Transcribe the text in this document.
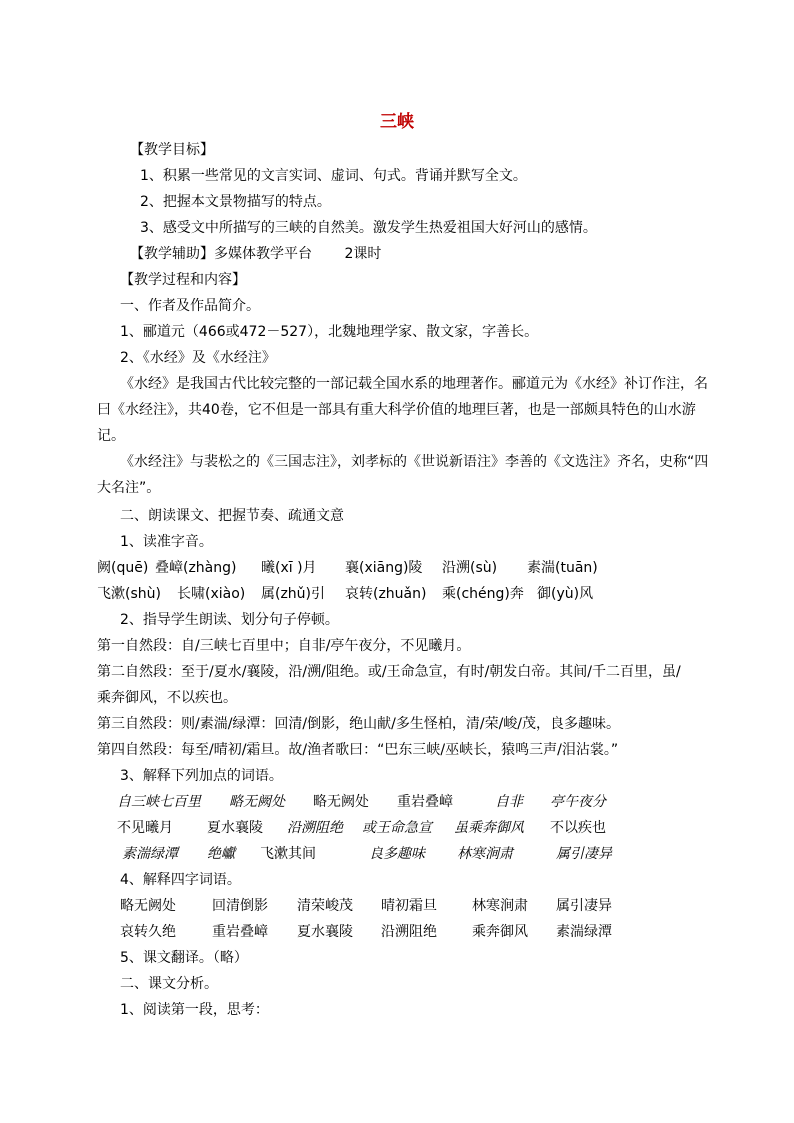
三峡
【教学目标】
1、积累一些常见的文言实词、虚词、句式。背诵并默写全文。
2、把握本文景物描写的特点。
3、感受文中所描写的三峡的自然美。激发学生热爱祖国大好河山的感情。
【教学辅助】多媒体教学平台　　 2课时
【教学过程和内容】
一、作者及作品简介。
1、郦道元（466或472－527），北魏地理学家、散文家，字善长。
2、《水经》及《水经注》
《水经》是我国古代比较完整的一部记载全国水系的地理著作。郦道元为《水经》补订作注，名
曰《水经注》，共40卷，它不但是一部具有重大科学价值的地理巨著，也是一部颇具特色的山水游
记。
《水经注》与裴松之的《三国志注》，刘孝标的《世说新语注》李善的《文选注》齐名，史称“四
大名注”。
二、朗读课文、把握节奏、疏通文意
1、读准字音。
阙(quē) 叠嶂(zhàng) 曦(xī )月 襄(xiāng)陵 沿溯(sù) 素湍(tuān)
飞漱(shù) 长啸(xiào) 属(zhǔ)引 哀转(zhuǎn) 乘(chéng)奔 御(yù)风
2、指导学生朗读、划分句子停顿。
第一自然段：自/三峡七百里中；自非/亭午夜分，不见曦月。
第二自然段：至于/夏水/襄陵，沿/溯/阻绝。或/王命急宣，有时/朝发白帝。其间/千二百里，虽/
乘奔御风，不以疾也。
第三自然段：则/素湍/绿潭：回清/倒影，绝山献/多生怪柏，清/荣/峻/茂，良多趣味。
第四自然段：每至/晴初/霜旦。故/渔者歌曰：“巴东三峡/巫峡长，猿鸣三声/泪沾裳。”
3、解释下列加点的词语。
自三峡七百里 略无阙处 略无阙处 重岩叠嶂	自非 亭午夜分
不见曦月 夏水襄陵 沿溯阻绝 或王命急宣 虽乘奔御风 不以疾也
素湍绿潭 绝巘 飞漱其间	良多趣味 林寒涧肃	属引凄异
4、解释四字词语。
略无阙处	回清倒影 清荣峻茂 晴初霜旦	林寒涧肃 属引凄异
哀转久绝	重岩叠嶂 夏水襄陵 沿溯阻绝	乘奔御风 素湍绿潭
5、课文翻译。（略）
二、课文分析。
1、阅读第一段，思考：
